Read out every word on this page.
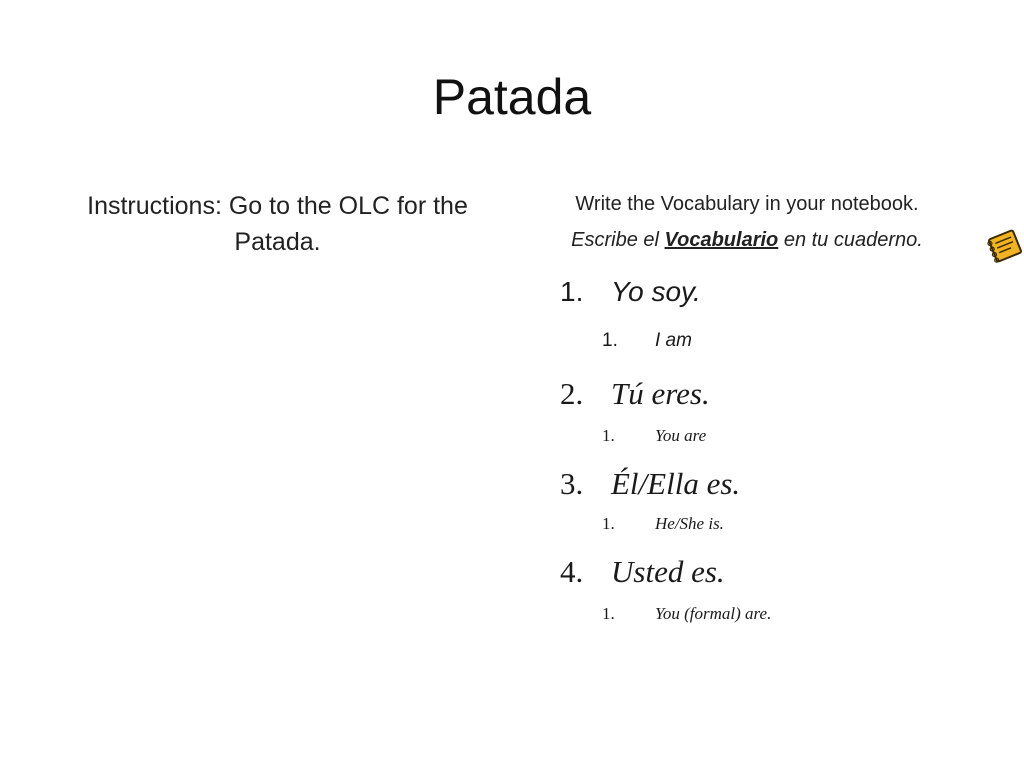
Patada
Instructions: Go to the OLC for the Patada.
Write the Vocabulary in your notebook.
Escribe el Vocabulario en tu cuaderno.
1. Yo soy.
1. I am
2. Tú eres.
1. You are
3. Él/Ella es.
1. He/She is.
4. Usted es.
1. You (formal) are.
